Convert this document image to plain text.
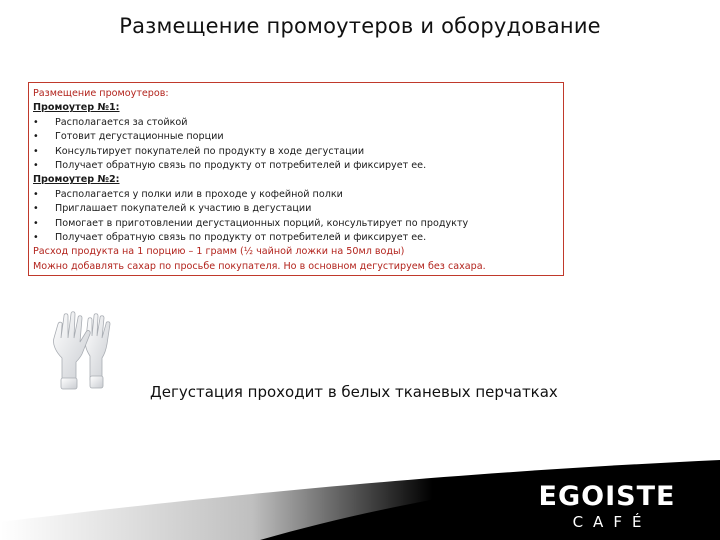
Размещение промоутеров и оборудование
Размещение промоутеров:
Промоутер №1:
•	Располагается за стойкой
•	Готовит дегустационные порции
•	Консультирует покупателей по продукту в ходе дегустации
•	Получает обратную связь по продукту от потребителей и фиксирует ее.
Промоутер №2:
•	Располагается у полки или в проходе у кофейной полки
•	Приглашает покупателей к участию в дегустации
•	Помогает в приготовлении дегустационных порций, консультирует по продукту
•	Получает обратную связь по продукту от потребителей и фиксирует ее.
Расход продукта на 1 порцию – 1 грамм (½ чайной ложки на 50мл воды)
Можно добавлять сахар по просьбе покупателя. Но в основном дегустируем без сахара.
Дегустация проходит в белых тканевых перчатках
EGOISTE
CAFÉ
